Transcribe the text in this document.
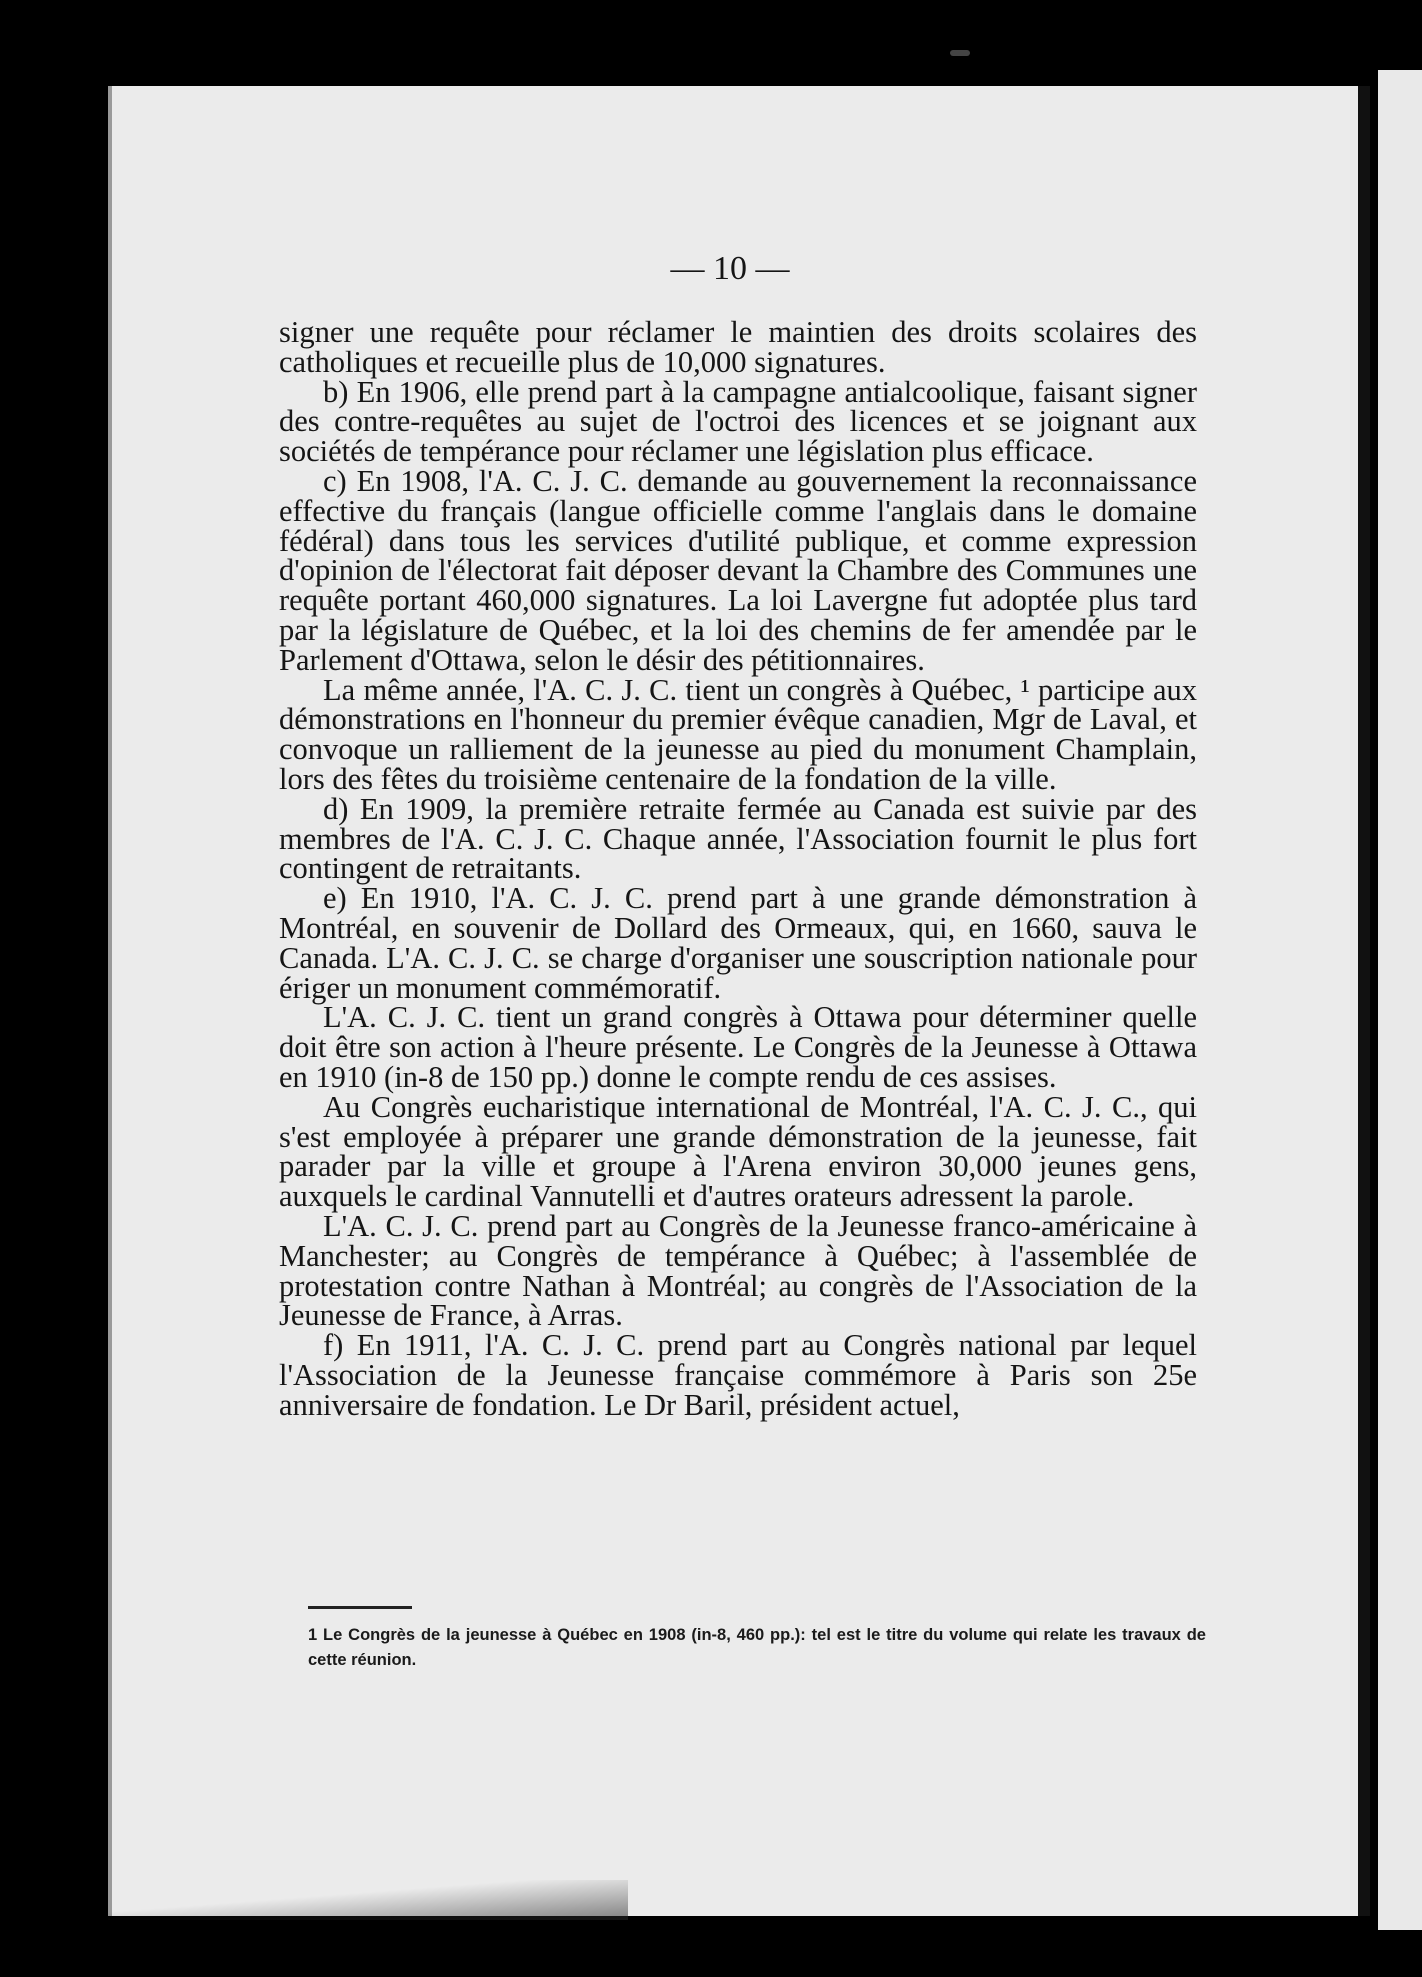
— 10 —

signer une requête pour réclamer le maintien des droits scolaires des catholiques et recueille plus de 10,000 signatures.

b) En 1906, elle prend part à la campagne antialcoolique, faisant signer des contre-requêtes au sujet de l'octroi des licences et se joignant aux sociétés de tempérance pour réclamer une législation plus efficace.

c) En 1908, l'A. C. J. C. demande au gouvernement la reconnaissance effective du français (langue officielle comme l'anglais dans le domaine fédéral) dans tous les services d'utilité publique, et comme expression d'opinion de l'électorat fait déposer devant la Chambre des Communes une requête portant 460,000 signatures. La loi Lavergne fut adoptée plus tard par la législature de Québec, et la loi des chemins de fer amendée par le Parlement d'Ottawa, selon le désir des pétitionnaires.

La même année, l'A. C. J. C. tient un congrès à Québec, ¹ participe aux démonstrations en l'honneur du premier évêque canadien, Mgr de Laval, et convoque un ralliement de la jeunesse au pied du monument Champlain, lors des fêtes du troisième centenaire de la fondation de la ville.

d) En 1909, la première retraite fermée au Canada est suivie par des membres de l'A. C. J. C. Chaque année, l'Association fournit le plus fort contingent de retraitants.

e) En 1910, l'A. C. J. C. prend part à une grande démonstration à Montréal, en souvenir de Dollard des Ormeaux, qui, en 1660, sauva le Canada. L'A. C. J. C. se charge d'organiser une souscription nationale pour ériger un monument commémoratif.

L'A. C. J. C. tient un grand congrès à Ottawa pour déterminer quelle doit être son action à l'heure présente. Le Congrès de la Jeunesse à Ottawa en 1910 (in-8 de 150 pp.) donne le compte rendu de ces assises.

Au Congrès eucharistique international de Montréal, l'A. C. J. C., qui s'est employée à préparer une grande démonstration de la jeunesse, fait parader par la ville et groupe à l'Arena environ 30,000 jeunes gens, auxquels le cardinal Vannutelli et d'autres orateurs adressent la parole.

L'A. C. J. C. prend part au Congrès de la Jeunesse franco-américaine à Manchester; au Congrès de tempérance à Québec; à l'assemblée de protestation contre Nathan à Montréal; au congrès de l'Association de la Jeunesse de France, à Arras.

f) En 1911, l'A. C. J. C. prend part au Congrès national par lequel l'Association de la Jeunesse française commémore à Paris son 25e anniversaire de fondation. Le Dr Baril, président actuel,

1 Le Congrès de la jeunesse à Québec en 1908 (in-8, 460 pp.): tel est le titre du volume qui relate les travaux de cette réunion.
